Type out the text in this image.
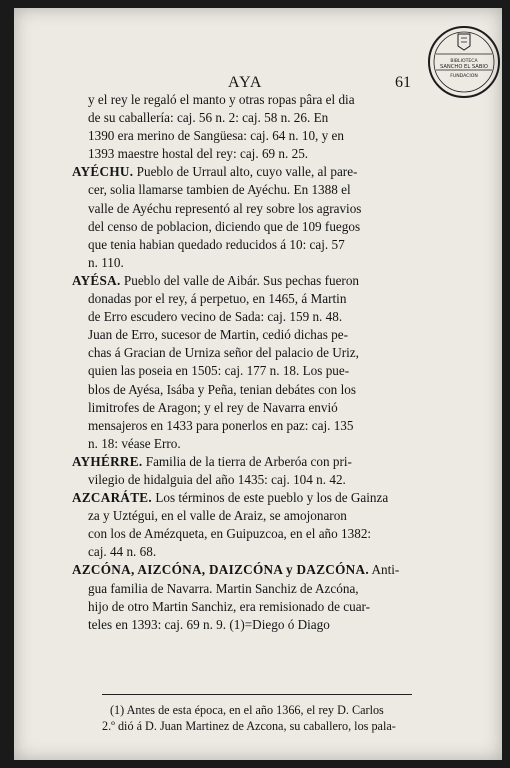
AYA	61
BIBLIOTECA
SANCHO EL SABIO
FUNDACION
y el rey le regaló el manto y otras ropas pâra el dia
de su caballería: caj. 56 n. 2: caj. 58 n. 26. En
1390 era merino de Sangüesa: caj. 64 n. 10, y en
1393 maestre hostal del rey: caj. 69 n. 25.
AYÉCHU. Pueblo de Urraul alto, cuyo valle, al pare-
cer, solia llamarse tambien de Ayéchu. En 1388 el
valle de Ayéchu representó al rey sobre los agravios
del censo de poblacion, diciendo que de 109 fuegos
que tenia habian quedado reducidos á 10: caj. 57
n. 110.
AYÉSA. Pueblo del valle de Aibár. Sus pechas fueron
donadas por el rey, á perpetuo, en 1465, á Martin
de Erro escudero vecino de Sada: caj. 159 n. 48.
Juan de Erro, sucesor de Martin, cedió dichas pe-
chas á Gracian de Urniza señor del palacio de Uriz,
quien las poseia en 1505: caj. 177 n. 18. Los pue-
blos de Ayésa, Isába y Peña, tenian debátes con los
limitrofes de Aragon; y el rey de Navarra envió
mensajeros en 1433 para ponerlos en paz: caj. 135
n. 18: véase Erro.
AYHÉRRE. Familia de la tierra de Arberóa con pri-
vilegio de hidalguia del año 1435: caj. 104 n. 42.
AZCARÁTE. Los términos de este pueblo y los de Gainza
za y Uztégui, en el valle de Araiz, se amojonaron
con los de Amézqueta, en Guipuzcoa, en el año 1382:
caj. 44 n. 68.
AZCÓNA, AIZCÓNA, DAIZCÓNA y DAZCÓNA. Anti-
gua familia de Navarra. Martin Sanchiz de Azcóna,
hijo de otro Martin Sanchiz, era remisionado de cuar-
teles en 1393: caj. 69 n. 9. (1)=Diego ó Diago
(1) Antes de esta época, en el año 1366, el rey D. Carlos
2.º dió á D. Juan Martinez de Azcona, su caballero, los pala-
